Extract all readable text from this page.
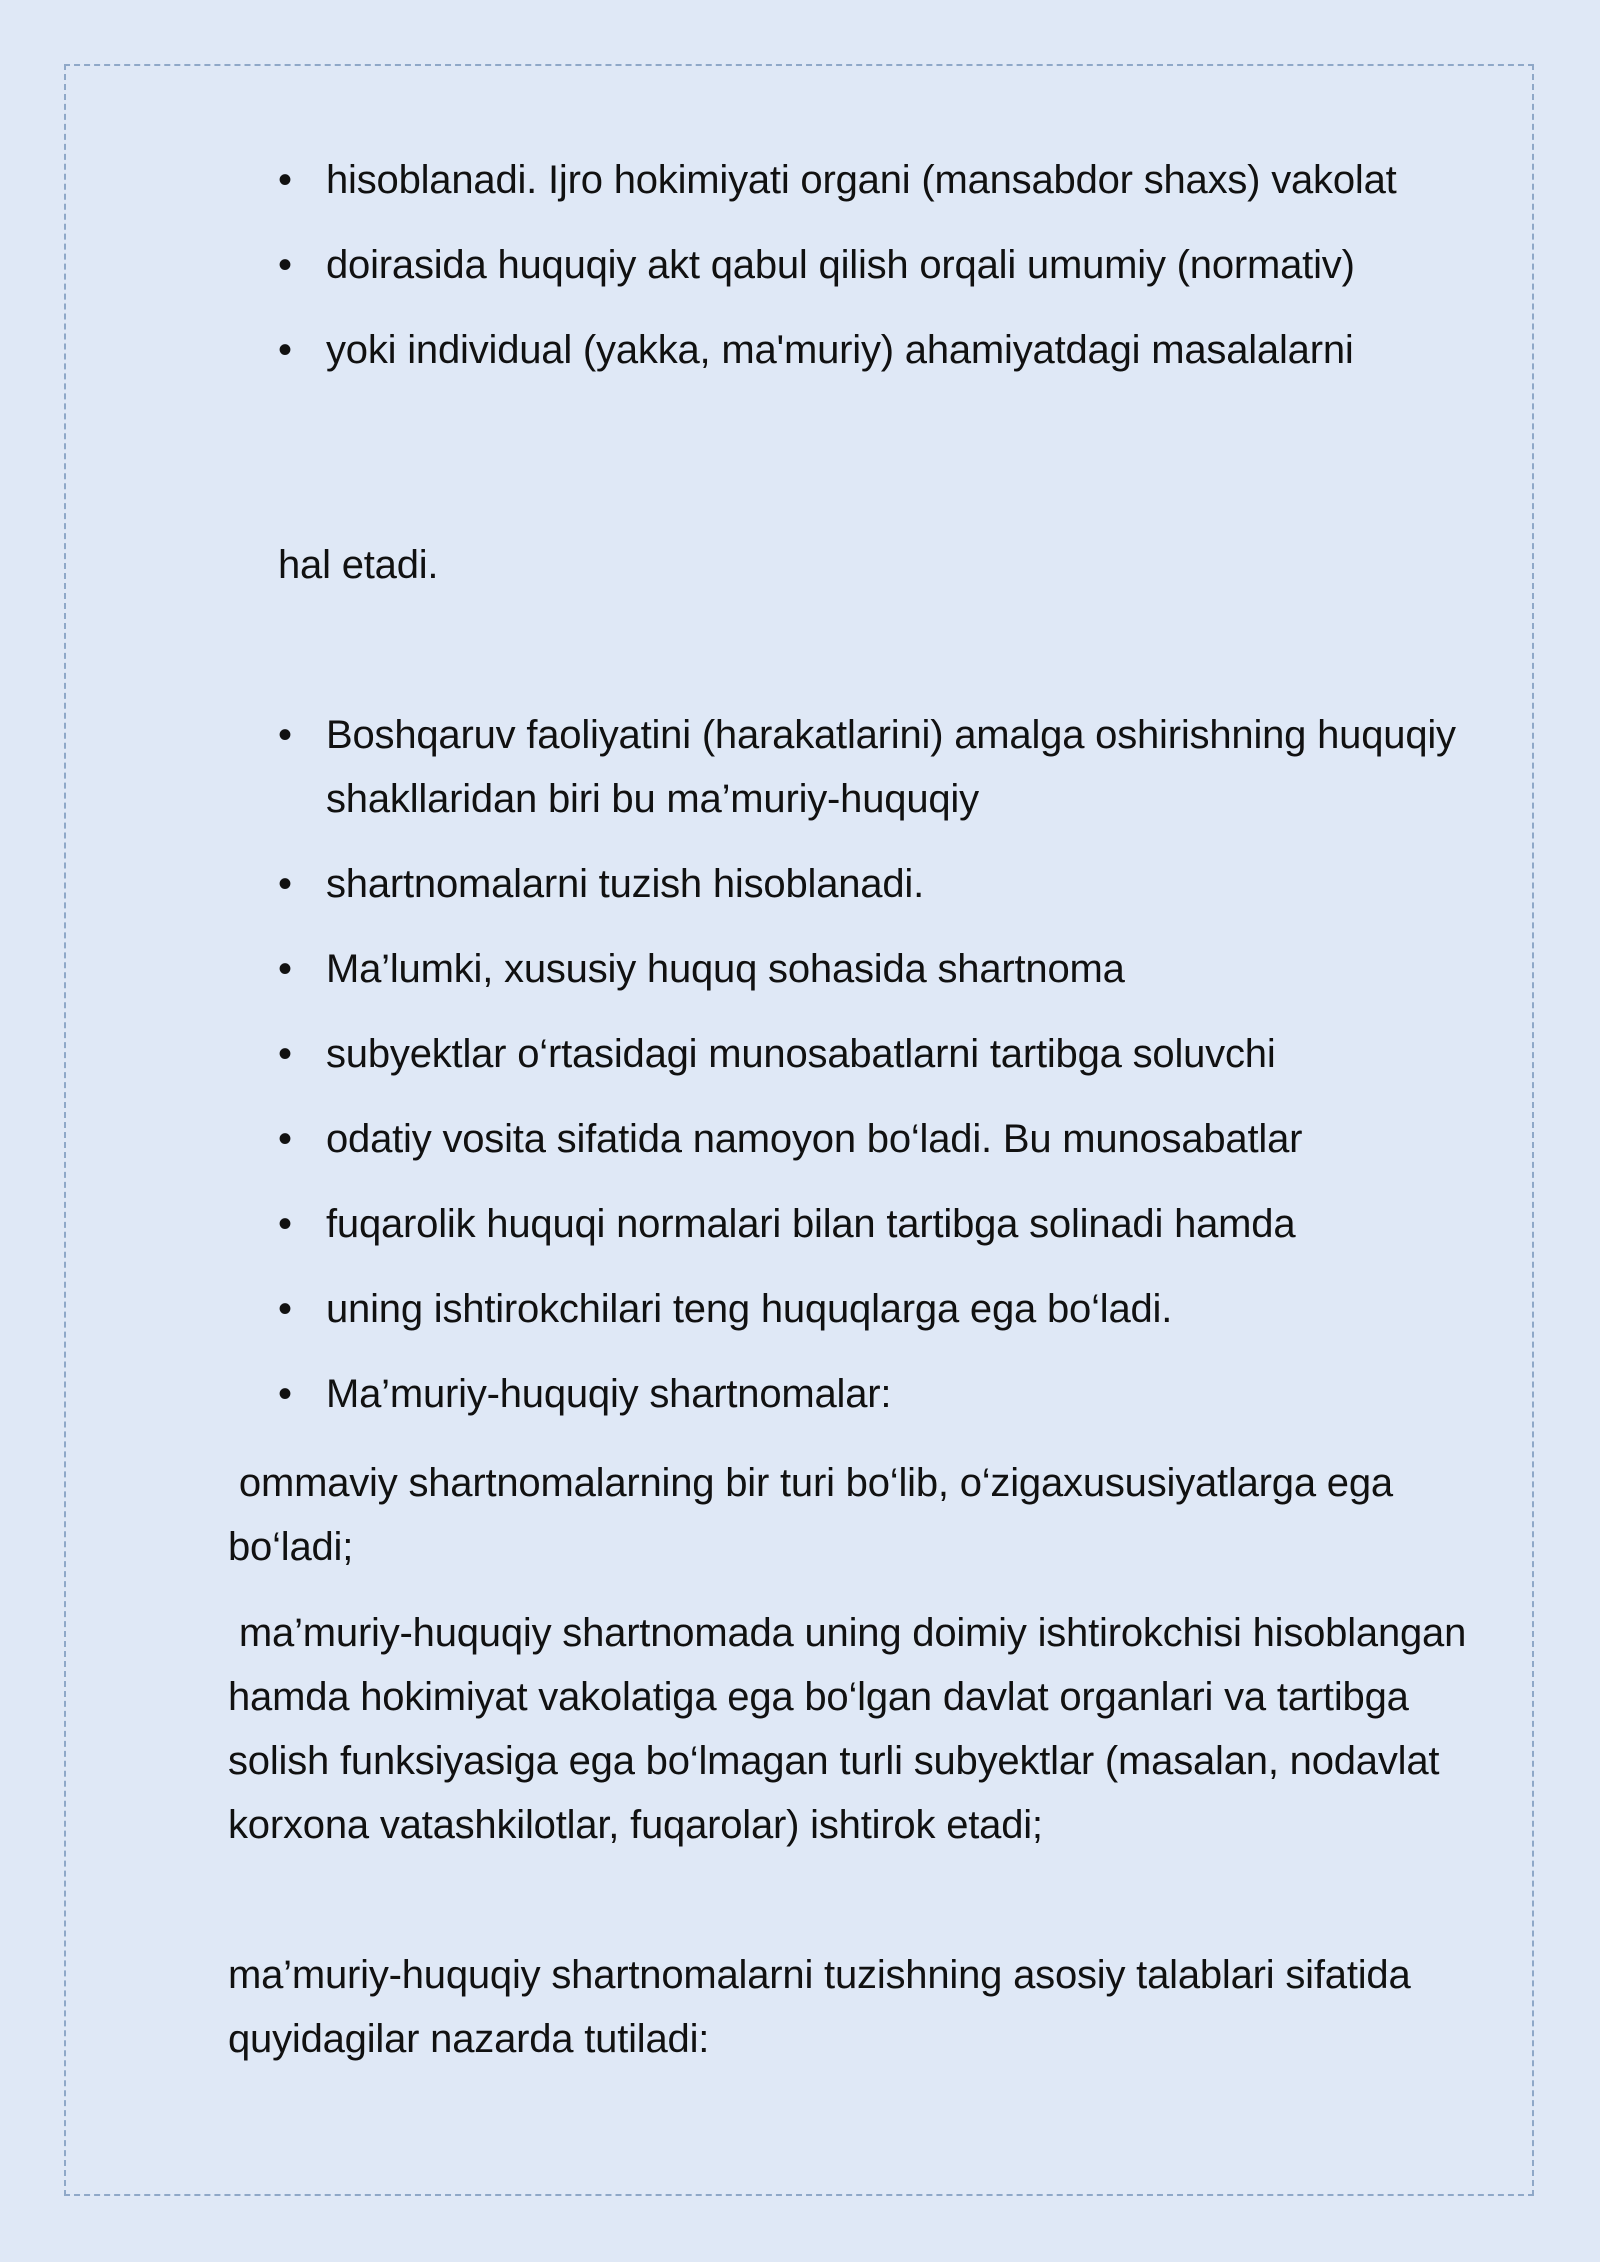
• hisoblanadi. Ijro hokimiyati organi (mansabdor shaxs) vakolat
• doirasida huquqiy akt qabul qilish orqali umumiy (normativ)
• yoki individual (yakka, ma'muriy) ahamiyatdagi masalalarni
hal etadi.
• Boshqaruv faoliyatini (harakatlarini) amalga oshirishning huquqiy shakllaridan biri bu ma’muriy-huquqiy
• shartnomalarni tuzish hisoblanadi.
• Ma’lumki, xususiy huquq sohasida shartnoma
• subyektlar o‘rtasidagi munosabatlarni tartibga soluvchi
• odatiy vosita sifatida namoyon bo‘ladi. Bu munosabatlar
• fuqarolik huquqi normalari bilan tartibga solinadi hamda
• uning ishtirokchilari teng huquqlarga ega bo‘ladi.
• Ma’muriy-huquqiy shartnomalar:
ommaviy shartnomalarning bir turi bo‘lib, o‘zigaxususiyatlarga ega bo‘ladi;
ma’muriy-huquqiy shartnomada uning doimiy ishtirokchisi hisoblangan hamda hokimiyat vakolatiga ega bo‘lgan davlat organlari va tartibga solish funksiyasiga ega bo‘lmagan turli subyektlar (masalan, nodavlat korxona vatashkilotlar, fuqarolar) ishtirok etadi;
ma’muriy-huquqiy shartnomalarni tuzishning asosiy talablari sifatida quyidagilar nazarda tutiladi:
